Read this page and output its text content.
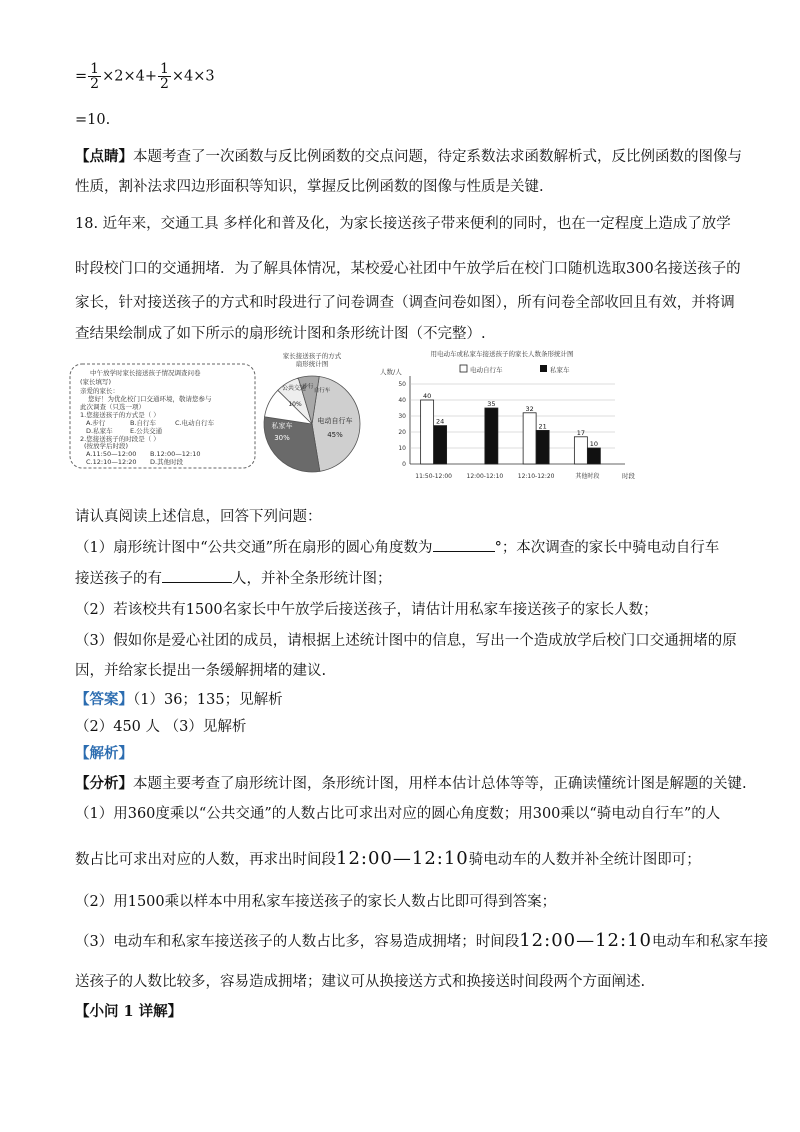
= $\frac{1}{2} \times 2\times 4+ \frac{1}{2} \times 4\times 3$
=10.
【点睛】本题考查了一次函数与反比例函数的交点问题，待定系数法求函数解析式，反比例函数的图像与
性质，割补法求四边形面积等知识，掌握反比例函数的图像与性质是关键.
18. 近年来，交通工具 多样化和普及化，为家长接送孩子带来便利的同时，也在一定程度上造成了放学
时段校门口的交通拥堵．为了解具体情况，某校爱心社团中午放学后在校门口随机选取300名接送孩子的
家长，针对接送孩子的方式和时段进行了问卷调查（调查问卷如图），所有问卷全部收回且有效，并将调
查结果绘制成了如下所示的扇形统计图和条形统计图（不完整）.
中午放学时家长接送孩子情况调查问卷
(家长填写)
亲爱的家长：
您好！为优化校门口交通环境，敬请您参与
此次调查（只选一项）
1.您接送孩子的方式是（ ）
A.步行	B.自行车	C.电动自行车
D.私家车	E.公共交通
2.您接送孩子的时段是（ ）
(按放学后时段)
A.11:50—12:00 B.12:00—12:10
C.12:10—12:20 D.其他时段
家长接送孩子的方式
扇形统计图
私家车
30%
电动自行车
45%
公共交通
10%
步行
自行车
用电动车或私家车接送孩子的家长人数条形统计图
人数/人	电动自行车	私家车
0
10
20
30
40
50
40
24
11:50-12:00
35
12:00-12:10
32
21
12:10-12:20
17
10
其他时段	时段
请认真阅读上述信息，回答下列问题：
（1）扇形统计图中“公共交通”所在扇形的圆心角度数为	°；本次调查的家长中骑电动自行车
接送孩子的有	人，并补全条形统计图；
（2）若该校共有1500名家长中午放学后接送孩子，请估计用私家车接送孩子的家长人数；
（3）假如你是爱心社团的成员，请根据上述统计图中的信息，写出一个造成放学后校门口交通拥堵的原
因，并给家长提出一条缓解拥堵的建议.
【答案】（1）36；135；见解析
（2）450 人 （3）见解析
【解析】
【分析】本题主要考查了扇形统计图，条形统计图，用样本估计总体等等，正确读懂统计图是解题的关键.
（1）用360度乘以“公共交通”的人数占比可求出对应的圆心角度数；用300乘以“骑电动自行车”的人
数占比可求出对应的人数，再求出时间段12:00—12:10骑电动车的人数并补全统计图即可；
（2）用1500乘以样本中用私家车接送孩子的家长人数占比即可得到答案；
（3）电动车和私家车接送孩子的人数占比多，容易造成拥堵；时间段12:00—12:10电动车和私家车接
送孩子的人数比较多，容易造成拥堵；建议可从换接送方式和换接送时间段两个方面阐述.
【小问 1 详解】
